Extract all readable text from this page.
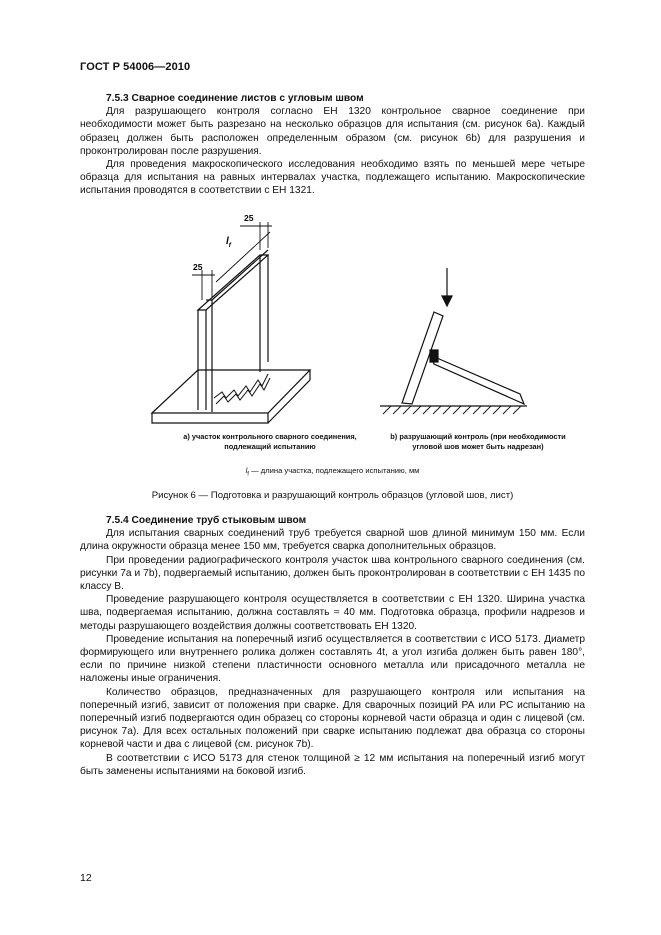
ГОСТ Р 54006—2010
7.5.3 Сварное соединение листов с угловым швом

Для разрушающего контроля согласно ЕН 1320 контрольное сварное соединение при необходимости может быть разрезано на несколько образцов для испытания (см. рисунок 6а). Каждый образец должен быть расположен определенным образом (см. рисунок 6b) для разрушения и проконтролирован после разрушения.

Для проведения макроскопического исследования необходимо взять по меньшей мере четыре образца для испытания на равных интервалах участка, подлежащего испытанию. Макроскопические испытания проводятся в соответствии с ЕН 1321.

25
25
$l_f$
а) участок контрольного сварного соединения,
подлежащий испытанию
b) разрушающий контроль (при необходимости
угловой шов может быть надрезан)
$l_f$ — длина участка, подлежащего испытанию, мм
Рисунок 6 — Подготовка и разрушающий контроль образцов (угловой шов, лист)
7.5.4 Соединение труб стыковым швом

Для испытания сварных соединений труб требуется сварной шов длиной минимум 150 мм. Если длина окружности образца менее 150 мм, требуется сварка дополнительных образцов.

При проведении радиографического контроля участок шва контрольного сварного соединения (см. рисунки 7а и 7b), подвергаемый испытанию, должен быть проконтролирован в соответствии с ЕН 1435 по классу В.

Проведение разрушающего контроля осуществляется в соответствии с ЕН 1320. Ширина участка шва, подвергаемая испытанию, должна составлять ≈ 40 мм. Подготовка образца, профили надрезов и методы разрушающего воздействия должны соответствовать ЕН 1320.

Проведение испытания на поперечный изгиб осуществляется в соответствии с ИСО 5173. Диаметр формирующего или внутреннего ролика должен составлять 4t, а угол изгиба должен быть равен 180°, если по причине низкой степени пластичности основного металла или присадочного металла не наложены иные ограничения.

Количество образцов, предназначенных для разрушающего контроля или испытания на поперечный изгиб, зависит от положения при сварке. Для сварочных позиций РА или РС испытанию на поперечный изгиб подвергаются один образец со стороны корневой части образца и один с лицевой (см. рисунок 7а). Для всех остальных положений при сварке испытанию подлежат два образца со стороны корневой части и два с лицевой (см. рисунок 7b).

В соответствии с ИСО 5173 для стенок толщиной ≥ 12 мм испытания на поперечный изгиб могут быть заменены испытаниями на боковой изгиб.

12
